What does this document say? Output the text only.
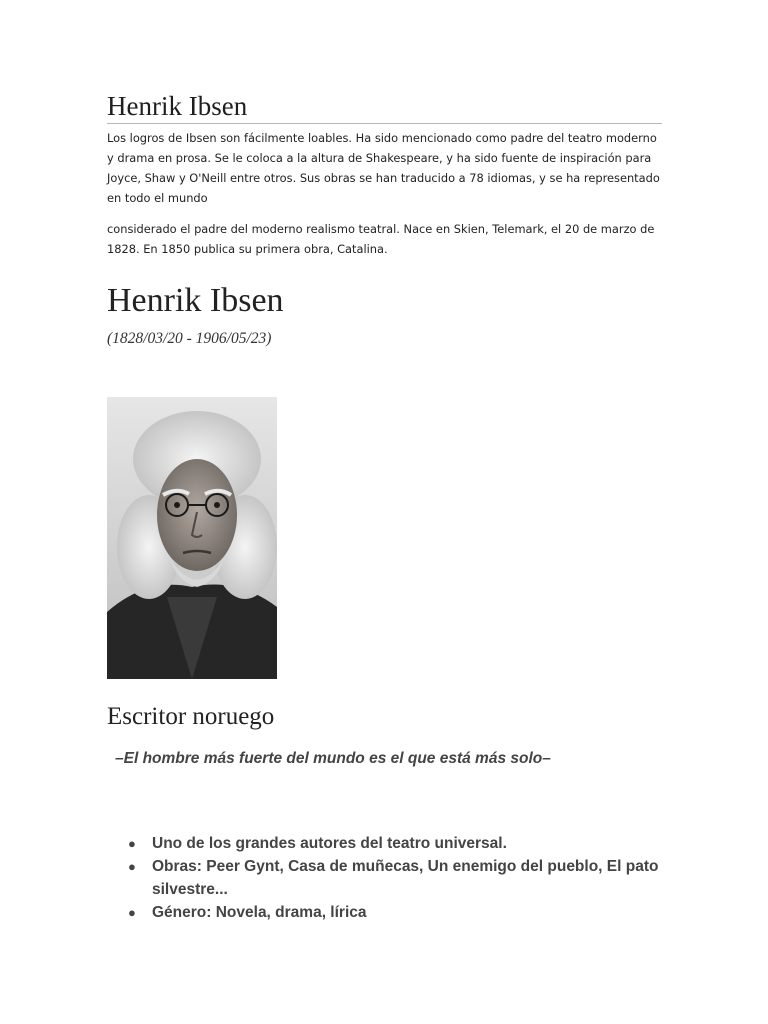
Henrik Ibsen
Los logros de Ibsen son fácilmente loables. Ha sido mencionado como padre del teatro moderno y drama en prosa. Se le coloca a la altura de Shakespeare, y ha sido fuente de inspiración para Joyce, Shaw y O'Neill entre otros. Sus obras se han traducido a 78 idiomas, y se ha representado en todo el mundo
considerado el padre del moderno realismo teatral. Nace en Skien, Telemark, el 20 de marzo de 1828. En 1850 publica su primera obra, Catalina.
Henrik Ibsen
(1828/03/20 - 1906/05/23)
Escritor noruego
–El hombre más fuerte del mundo es el que está más solo–
● Uno de los grandes autores del teatro universal.
● Obras: Peer Gynt, Casa de muñecas, Un enemigo del pueblo, El pato silvestre...
● Género: Novela, drama, lírica
